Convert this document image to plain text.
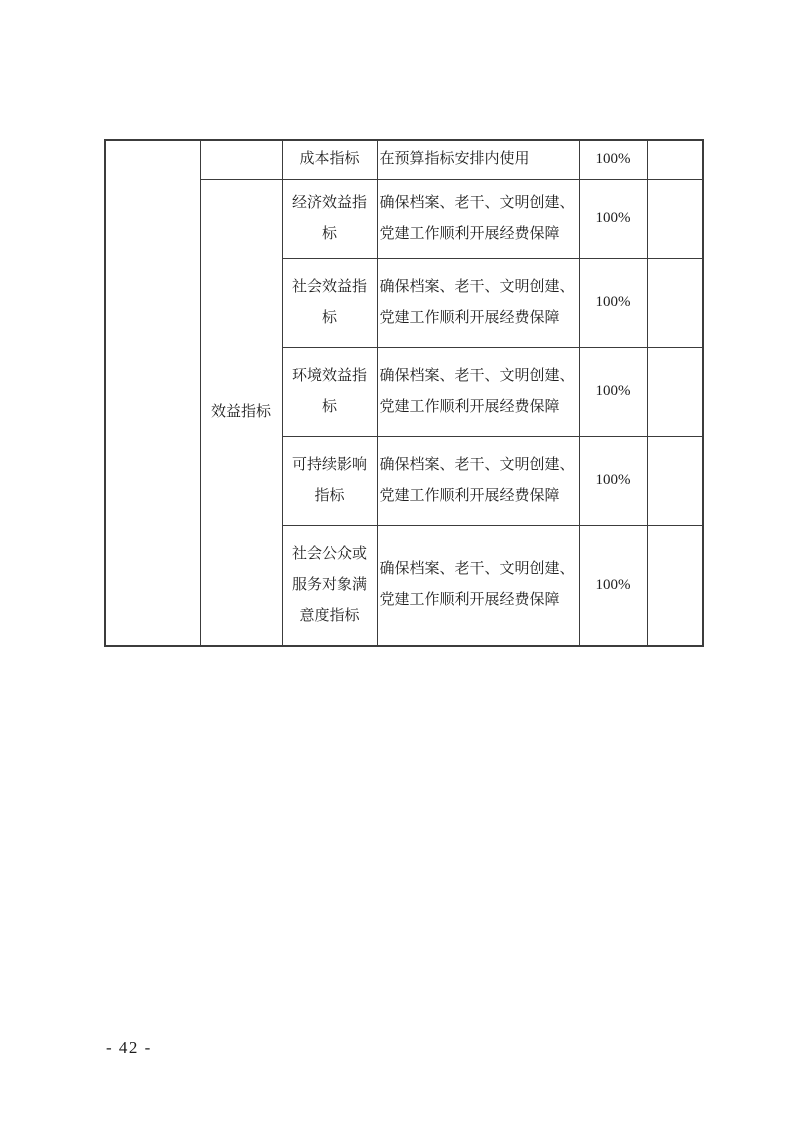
		成本指标	在预算指标安排内使用	100%	
	效益指标	经济效益指标	确保档案、老干、文明创建、党建工作顺利开展经费保障	100%	
		社会效益指标	确保档案、老干、文明创建、党建工作顺利开展经费保障	100%	
		环境效益指标	确保档案、老干、文明创建、党建工作顺利开展经费保障	100%	
		可持续影响指标	确保档案、老干、文明创建、党建工作顺利开展经费保障	100%	
		社会公众或服务对象满意度指标	确保档案、老干、文明创建、党建工作顺利开展经费保障	100%	
- 42 -
